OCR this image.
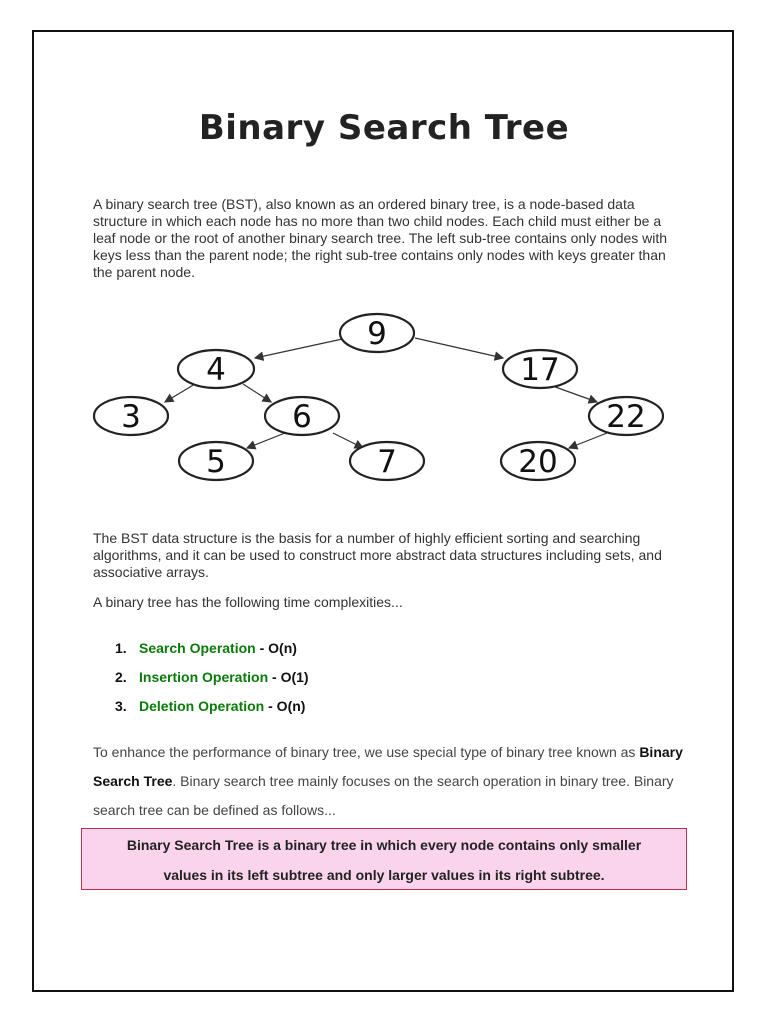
Binary Search Tree

A binary search tree (BST), also known as an ordered binary tree, is a node-based data structure in which each node has no more than two child nodes. Each child must either be a leaf node or the root of another binary search tree. The left sub-tree contains only nodes with keys less than the parent node; the right sub-tree contains only nodes with keys greater than the parent node.

9
4	17
3	6	22
5	7	20

The BST data structure is the basis for a number of highly efficient sorting and searching algorithms, and it can be used to construct more abstract data structures including sets, and associative arrays.

A binary tree has the following time complexities...

1. Search Operation - O(n)
2. Insertion Operation - O(1)
3. Deletion Operation - O(n)

To enhance the performance of binary tree, we use special type of binary tree known as Binary Search Tree. Binary search tree mainly focuses on the search operation in binary tree. Binary search tree can be defined as follows...

Binary Search Tree is a binary tree in which every node contains only smaller
values in its left subtree and only larger values in its right subtree.
